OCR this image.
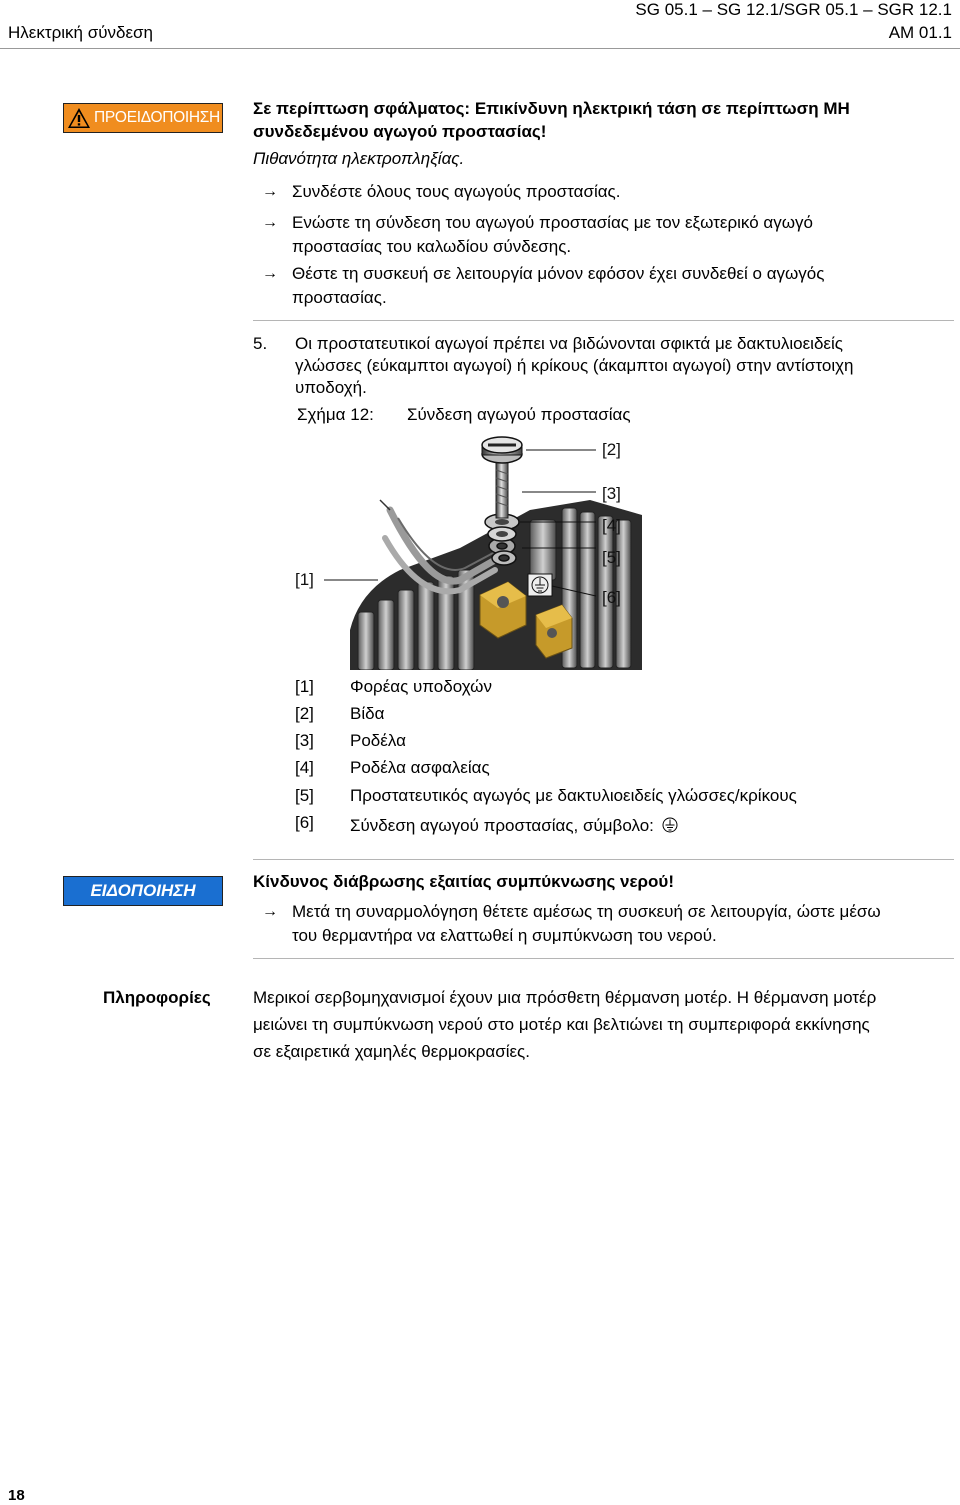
Ηλεκτρική σύνδεση
SG 05.1 – SG 12.1/SGR 05.1 – SGR 12.1
AM 01.1
ΠΡΟΕΙΔΟΠΟΙΗΣΗ Σε περίπτωση σφάλματος: Επικίνδυνη ηλεκτρική τάση σε περίπτωση ΜΗ
συνδεδεμένου αγωγού προστασίας!
Πιθανότητα ηλεκτροπληξίας.
→ Συνδέστε όλους τους αγωγούς προστασίας.
→ Ενώστε τη σύνδεση του αγωγού προστασίας με τον εξωτερικό αγωγό
προστασίας του καλωδίου σύνδεσης.
→ Θέστε τη συσκευή σε λειτουργία μόνον εφόσον έχει συνδεθεί ο αγωγός
προστασίας.
5. Οι προστατευτικοί αγωγοί πρέπει να βιδώνονται σφικτά με δακτυλιοειδείς
γλώσσες (εύκαμπτοι αγωγοί) ή κρίκους (άκαμπτοι αγωγοί) στην αντίστοιχη
υποδοχή.
Σχήμα 12: Σύνδεση αγωγού προστασίας
[1]
[2]
[3]
[4]
[5]
[6]
[1] Φορέας υποδοχών
[2] Βίδα
[3] Ροδέλα
[4] Ροδέλα ασφαλείας
[5] Προστατευτικός αγωγός με δακτυλιοειδείς γλώσσες/κρίκους
[6] Σύνδεση αγωγού προστασίας, σύμβολο:
ΕΙΔΟΠΟΙΗΣΗ	Κίνδυνος διάβρωσης εξαιτίας συμπύκνωσης νερού!
→ Μετά τη συναρμολόγηση θέτετε αμέσως τη συσκευή σε λειτουργία, ώστε μέσω
του θερμαντήρα να ελαττωθεί η συμπύκνωση του νερού.
Πληροφορίες Μερικοί σερβομηχανισμοί έχουν μια πρόσθετη θέρμανση μοτέρ. Η θέρμανση μοτέρ
μειώνει τη συμπύκνωση νερού στο μοτέρ και βελτιώνει τη συμπεριφορά εκκίνησης
σε εξαιρετικά χαμηλές θερμοκρασίες.
18
